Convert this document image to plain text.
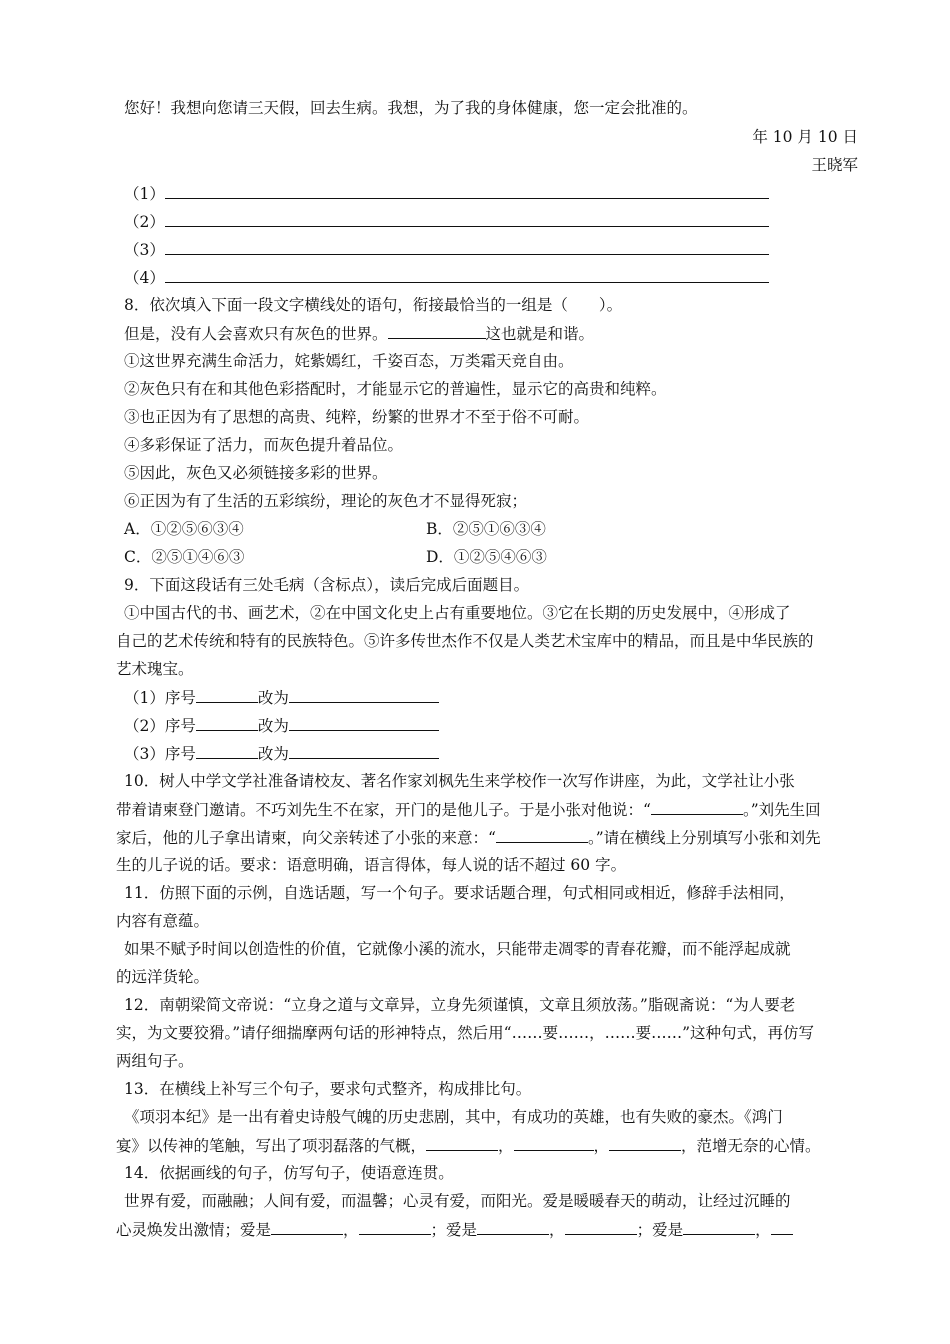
您好！我想向您请三天假，回去生病。我想，为了我的身体健康，您一定会批准的。
年 10 月 10 日
王晓军
（1）
（2）
（3）
（4）
8．依次填入下面一段文字横线处的语句，衔接最恰当的一组是（　　）。
但是，没有人会喜欢只有灰色的世界。	这也就是和谐。
①这世界充满生命活力，姹紫嫣红，千姿百态，万类霜天竞自由。
②灰色只有在和其他色彩搭配时，才能显示它的普遍性，显示它的高贵和纯粹。
③也正因为有了思想的高贵、纯粹，纷繁的世界才不至于俗不可耐。
④多彩保证了活力，而灰色提升着品位。
⑤因此，灰色又必须链接多彩的世界。
⑥正因为有了生活的五彩缤纷，理论的灰色才不显得死寂；
A．①②⑤⑥③④	B．②⑤①⑥③④
C．②⑤①④⑥③	D．①②⑤④⑥③
9．下面这段话有三处毛病（含标点），读后完成后面题目。
①中国古代的书、画艺术，②在中国文化史上占有重要地位。③它在长期的历史发展中，④形成了
自己的艺术传统和特有的民族特色。⑤许多传世杰作不仅是人类艺术宝库中的精品，而且是中华民族的
艺术瑰宝。
（1）序号	改为
（2）序号	改为
（3）序号	改为
10．树人中学文学社准备请校友、著名作家刘枫先生来学校作一次写作讲座，为此，文学社让小张
带着请柬登门邀请。不巧刘先生不在家，开门的是他儿子。于是小张对他说：“	。”刘先生回
家后，他的儿子拿出请柬，向父亲转述了小张的来意：“	。”请在横线上分别填写小张和刘先
生的儿子说的话。要求：语意明确，语言得体，每人说的话不超过 60 字。
11．仿照下面的示例，自选话题，写一个句子。要求话题合理，句式相同或相近，修辞手法相同，
内容有意蕴。
如果不赋予时间以创造性的价值，它就像小溪的流水，只能带走凋零的青春花瓣，而不能浮起成就
的远洋货轮。
12．南朝梁简文帝说：“立身之道与文章异，立身先须谨慎，文章且须放荡。”脂砚斋说：“为人要老
实，为文要狡猾。”请仔细揣摩两句话的形神特点，然后用“……要……，……要……”这种句式，再仿写
两组句子。
13．在横线上补写三个句子，要求句式整齐，构成排比句。
《项羽本纪》是一出有着史诗般气魄的历史悲剧，其中，有成功的英雄，也有失败的豪杰。《鸿门
宴》以传神的笔触，写出了项羽磊落的气概，	，	，	，范增无奈的心情。
14．依据画线的句子，仿写句子，使语意连贯。
世界有爱，而融融；人间有爱，而温馨；心灵有爱，而阳光。爱是暖暖春天的萌动，让经过沉睡的
心灵焕发出激情；爱是	，	；爱是	，	；爱是	，
